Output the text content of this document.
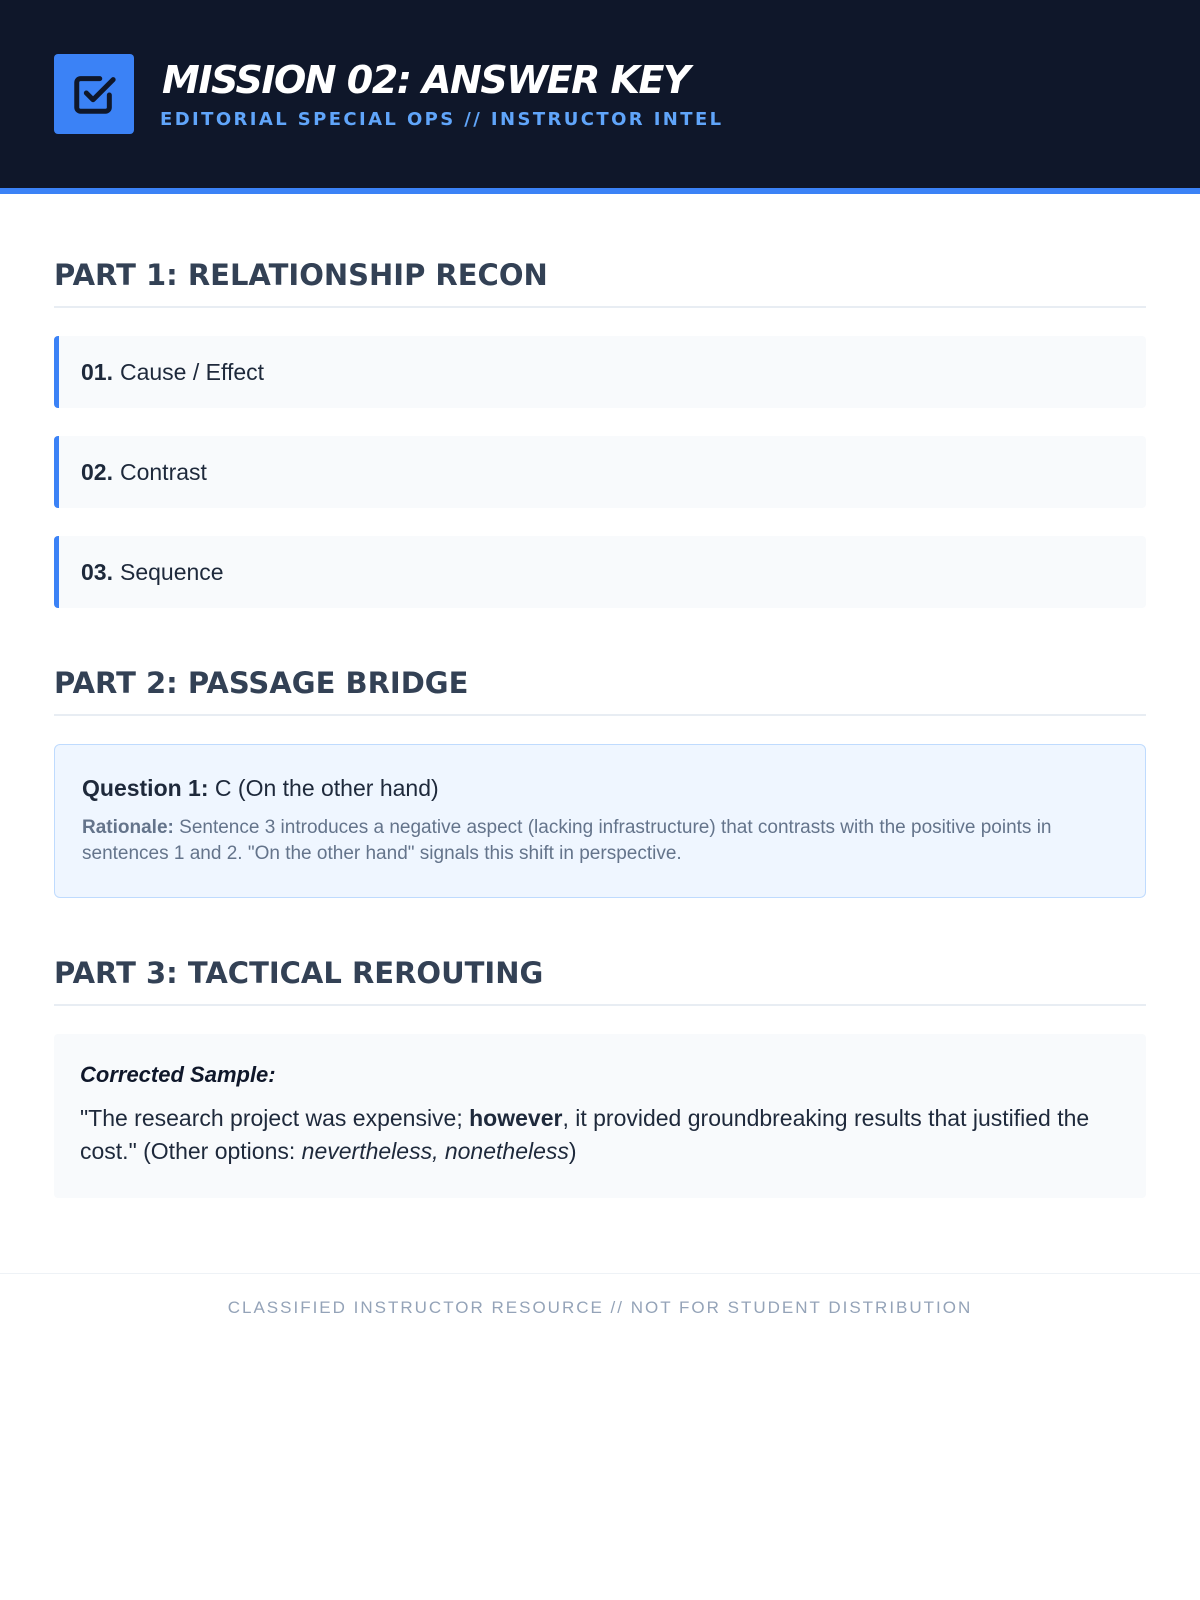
MISSION 02: ANSWER KEY
EDITORIAL SPECIAL OPS // INSTRUCTOR INTEL
PART 1: RELATIONSHIP RECON
01. Cause / Effect
02. Contrast
03. Sequence
PART 2: PASSAGE BRIDGE
Question 1: C (On the other hand)
Rationale: Sentence 3 introduces a negative aspect (lacking infrastructure) that contrasts with the positive points in sentences 1 and 2. "On the other hand" signals this shift in perspective.
PART 3: TACTICAL REROUTING
Corrected Sample:
"The research project was expensive; however, it provided groundbreaking results that justified the cost." (Other options: nevertheless, nonetheless)
CLASSIFIED INSTRUCTOR RESOURCE // NOT FOR STUDENT DISTRIBUTION
